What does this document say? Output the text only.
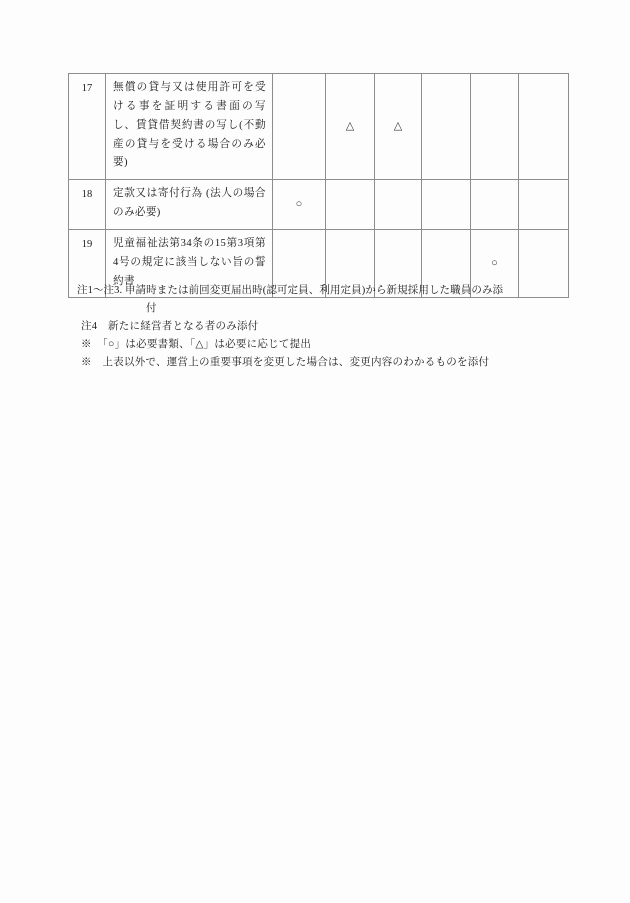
17	無償の貸与又は使用許可を受ける事を証明する書面の写し、賃貸借契約書の写し(不動産の貸与を受ける場合のみ必要)		△	△			
18	定款又は寄付行為 (法人の場合のみ必要)	○					
19	児童福祉法第34条の15第3項第4号の規定に該当しない旨の誓約書					○	

注1〜注3. 申請時または前回変更届出時(認可定員、利用定員)から新規採用した職員のみ添

付

注4　新たに経営者となる者のみ添付

※　「○」は必要書類、「△」は必要に応じて提出

※　上表以外で、運営上の重要事項を変更した場合は、変更内容のわかるものを添付
